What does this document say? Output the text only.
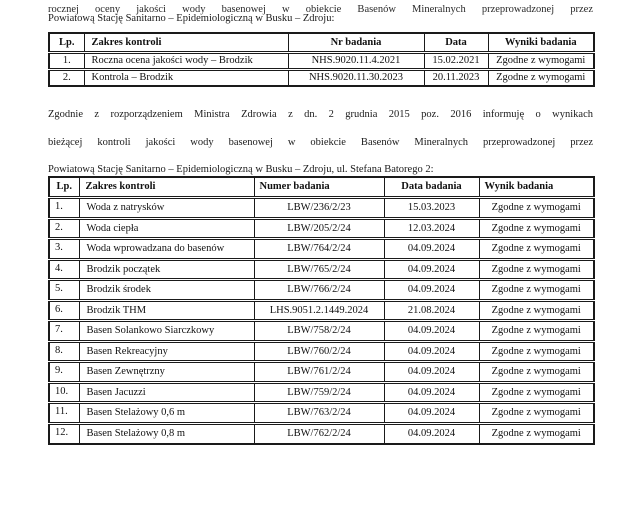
rocznej oceny jakości wody basenowej w obiekcie Basenów Mineralnych przeprowadzonej przez
Powiatową Stację Sanitarno – Epidemiologiczną w Busku – Zdroju:
Lp.	Zakres kontroli	Nr badania	Data	Wyniki badania
1.	Roczna ocena jakości wody – Brodzik	NHS.9020.11.4.2021	15.02.2021	Zgodne z wymogami
2.	Kontrola – Brodzik	NHS.9020.11.30.2023	20.11.2023	Zgodne z wymogami
Zgodnie z rozporządzeniem Ministra Zdrowia z dn. 2 grudnia 2015 poz. 2016 informuję o wynikach
bieżącej kontroli jakości wody basenowej w obiekcie Basenów Mineralnych przeprowadzonej przez
Powiatową Stację Sanitarno – Epidemiologiczną w Busku – Zdroju, ul. Stefana Batorego 2:
Lp.	Zakres kontroli	Numer badania	Data badania	Wynik badania
1.	Woda z natrysków	LBW/236/2/23	15.03.2023	Zgodne z wymogami
2.	Woda ciepła	LBW/205/2/24	12.03.2024	Zgodne z wymogami
3.	Woda wprowadzana do basenów	LBW/764/2/24	04.09.2024	Zgodne z wymogami
4.	Brodzik początek	LBW/765/2/24	04.09.2024	Zgodne z wymogami
5.	Brodzik środek	LBW/766/2/24	04.09.2024	Zgodne z wymogami
6.	Brodzik THM	LHS.9051.2.1449.2024	21.08.2024	Zgodne z wymogami
7.	Basen Solankowo Siarczkowy	LBW/758/2/24	04.09.2024	Zgodne z wymogami
8.	Basen Rekreacyjny	LBW/760/2/24	04.09.2024	Zgodne z wymogami
9.	Basen Zewnętrzny	LBW/761/2/24	04.09.2024	Zgodne z wymogami
10.	Basen Jacuzzi	LBW/759/2/24	04.09.2024	Zgodne z wymogami
11.	Basen Stelażowy 0,6 m	LBW/763/2/24	04.09.2024	Zgodne z wymogami
12.	Basen Stelażowy 0,8 m	LBW/762/2/24	04.09.2024	Zgodne z wymogami
